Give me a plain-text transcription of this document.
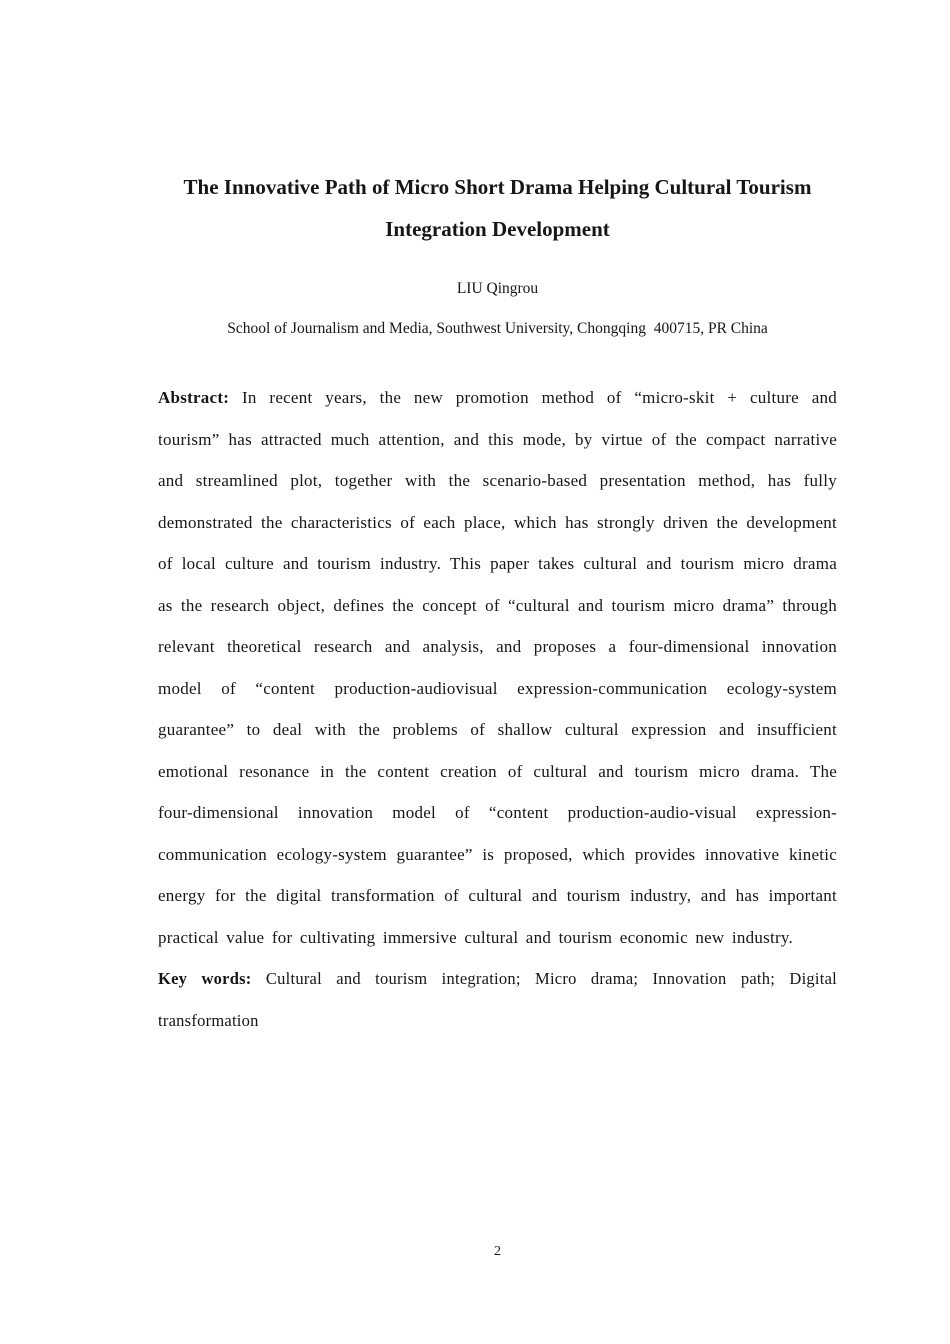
The Innovative Path of Micro Short Drama Helping Cultural Tourism
Integration Development
LIU Qingrou
School of Journalism and Media, Southwest University, Chongqing  400715, PR China

Abstract: In recent years, the new promotion method of “micro-skit + culture and tourism” has attracted much attention, and this mode, by virtue of the compact narrative and streamlined plot, together with the scenario-based presentation method, has fully demonstrated the characteristics of each place, which has strongly driven the development of local culture and tourism industry. This paper takes cultural and tourism micro drama as the research object, defines the concept of “cultural and tourism micro drama” through relevant theoretical research and analysis, and proposes a four-dimensional innovation model of “content production-audiovisual expression-communication ecology-system guarantee” to deal with the problems of shallow cultural expression and insufficient emotional resonance in the content creation of cultural and tourism micro drama. The four-dimensional innovation model of “content production-audio-visual expression-communication ecology-system guarantee” is proposed, which provides innovative kinetic energy for the digital transformation of cultural and tourism industry, and has important practical value for cultivating immersive cultural and tourism economic new industry.

Key words: Cultural and tourism integration; Micro drama; Innovation path; Digital transformation

2
